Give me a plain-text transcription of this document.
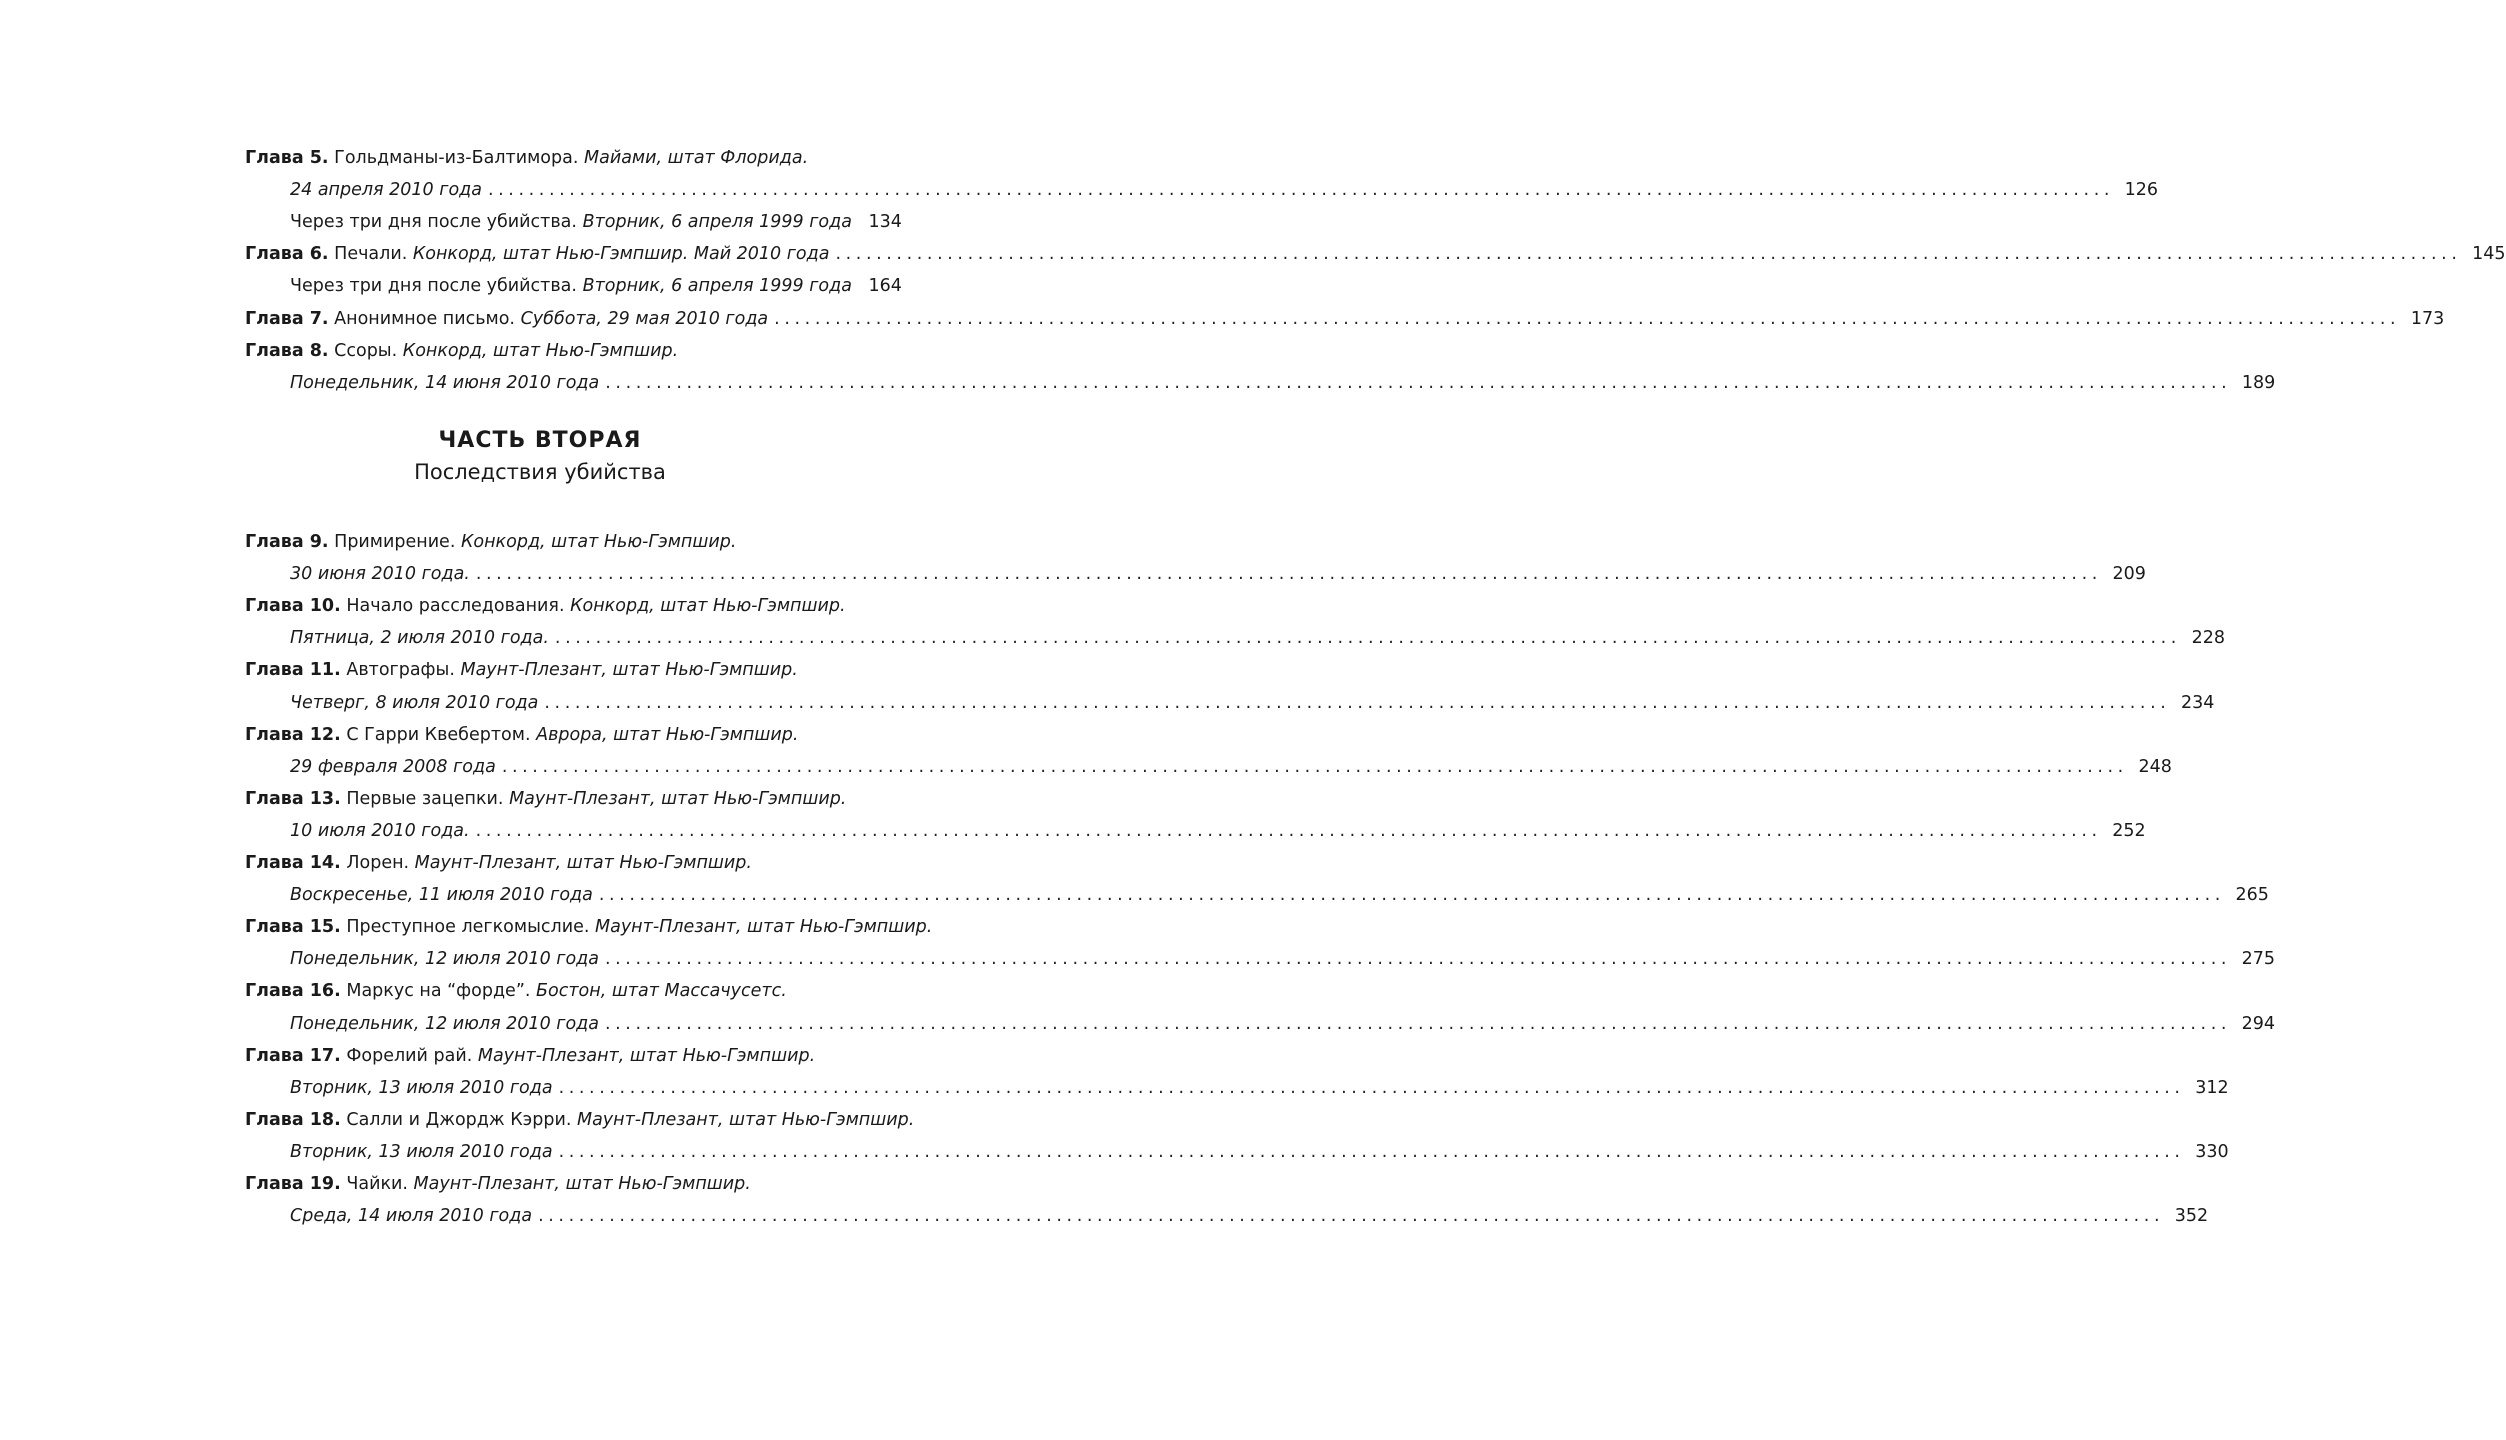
Глава 5. Гольдманы-из-Балтимора. Майами, штат Флорида.
24 апреля 2010 года ................................................................................................................................................................ 126
Через три дня после убийства. Вторник, 6 апреля 1999 года 134
Глава 6. Печали. Конкорд, штат Нью-Гэмпшир. Май 2010 года ................................................................................................................................................................ 145
Через три дня после убийства. Вторник, 6 апреля 1999 года 164
Глава 7. Анонимное письмо. Суббота, 29 мая 2010 года ................................................................................................................................................................ 173
Глава 8. Ссоры. Конкорд, штат Нью-Гэмпшир.
Понедельник, 14 июня 2010 года ................................................................................................................................................................ 189
ЧАСТЬ ВТОРАЯ
Последствия убийства
Глава 9. Примирение. Конкорд, штат Нью-Гэмпшир.
30 июня 2010 года. ................................................................................................................................................................ 209
Глава 10. Начало расследования. Конкорд, штат Нью-Гэмпшир.
Пятница, 2 июля 2010 года. ................................................................................................................................................................ 228
Глава 11. Автографы. Маунт-Плезант, штат Нью-Гэмпшир.
Четверг, 8 июля 2010 года ................................................................................................................................................................ 234
Глава 12. С Гарри Квебертом. Аврора, штат Нью-Гэмпшир.
29 февраля 2008 года ................................................................................................................................................................ 248
Глава 13. Первые зацепки. Маунт-Плезант, штат Нью-Гэмпшир.
10 июля 2010 года. ................................................................................................................................................................ 252
Глава 14. Лорен. Маунт-Плезант, штат Нью-Гэмпшир.
Воскресенье, 11 июля 2010 года ................................................................................................................................................................ 265
Глава 15. Преступное легкомыслие. Маунт-Плезант, штат Нью-Гэмпшир.
Понедельник, 12 июля 2010 года ................................................................................................................................................................ 275
Глава 16. Маркус на “форде”. Бостон, штат Массачусетс.
Понедельник, 12 июля 2010 года ................................................................................................................................................................ 294
Глава 17. Форелий рай. Маунт-Плезант, штат Нью-Гэмпшир.
Вторник, 13 июля 2010 года ................................................................................................................................................................ 312
Глава 18. Салли и Джордж Кэрри. Маунт-Плезант, штат Нью-Гэмпшир.
Вторник, 13 июля 2010 года ................................................................................................................................................................ 330
Глава 19. Чайки. Маунт-Плезант, штат Нью-Гэмпшир.
Среда, 14 июля 2010 года ................................................................................................................................................................ 352
